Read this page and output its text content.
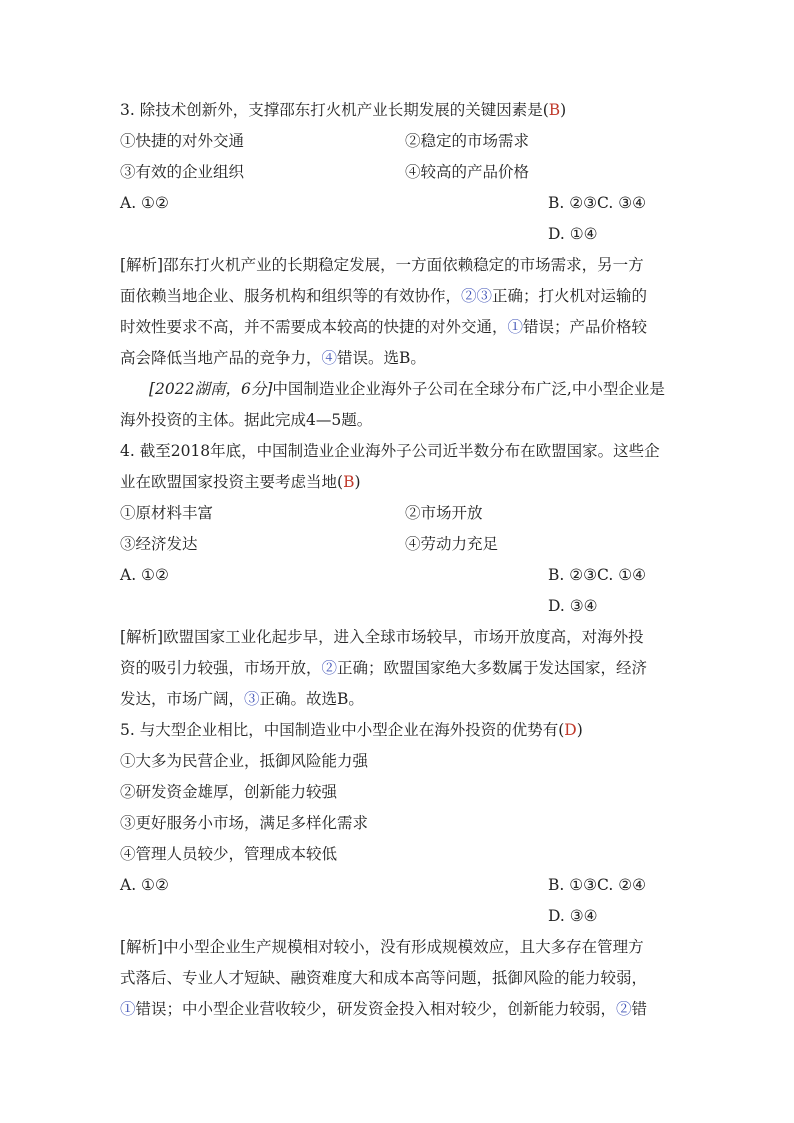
3. 除技术创新外，支撑邵东打火机产业长期发展的关键因素是(B)
①快捷的对外交通	②稳定的市场需求
③有效的企业组织	④较高的产品价格
A. ①②	B. ②③C. ③④
D. ①④
[解析]邵东打火机产业的长期稳定发展，一方面依赖稳定的市场需求，另一方
面依赖当地企业、服务机构和组织等的有效协作，②③正确；打火机对运输的
时效性要求不高，并不需要成本较高的快捷的对外交通，①错误；产品价格较
高会降低当地产品的竞争力，④错误。选B。
[2022湖南，6分]中国制造业企业海外子公司在全球分布广泛,中小型企业是
海外投资的主体。据此完成4—5题。
4. 截至2018年底，中国制造业企业海外子公司近半数分布在欧盟国家。这些企
业在欧盟国家投资主要考虑当地(B)
①原材料丰富	②市场开放
③经济发达	④劳动力充足
A. ①②	B. ②③C. ①④
D. ③④
[解析]欧盟国家工业化起步早，进入全球市场较早，市场开放度高，对海外投
资的吸引力较强，市场开放，②正确；欧盟国家绝大多数属于发达国家，经济
发达，市场广阔，③正确。故选B。
5. 与大型企业相比，中国制造业中小型企业在海外投资的优势有(D)
①大多为民营企业，抵御风险能力强
②研发资金雄厚，创新能力较强
③更好服务小市场，满足多样化需求
④管理人员较少，管理成本较低
A. ①②	B. ①③C. ②④
D. ③④
[解析]中小型企业生产规模相对较小，没有形成规模效应，且大多存在管理方
式落后、专业人才短缺、融资难度大和成本高等问题，抵御风险的能力较弱，
①错误；中小型企业营收较少，研发资金投入相对较少，创新能力较弱，②错
